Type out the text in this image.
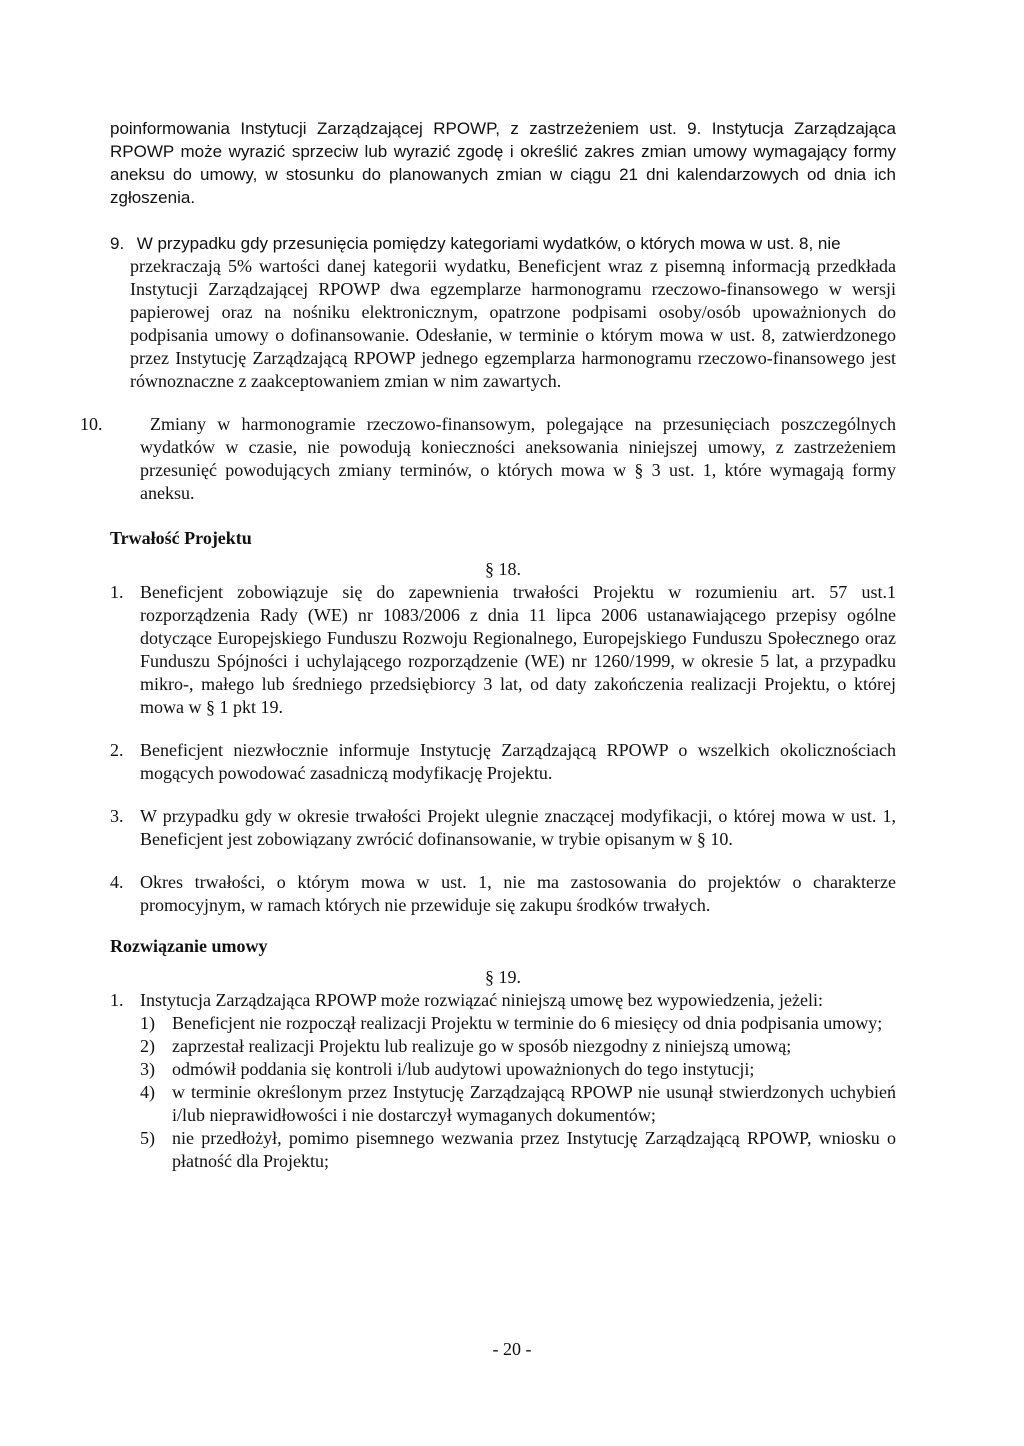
poinformowania Instytucji Zarządzającej RPOWP, z zastrzeżeniem ust. 9. Instytucja Zarządzająca RPOWP może wyrazić sprzeciw lub wyrazić zgodę i określić zakres zmian umowy wymagający formy aneksu do umowy, w stosunku do planowanych zmian w ciągu 21 dni kalendarzowych od dnia ich zgłoszenia.

9. W przypadku gdy przesunięcia pomiędzy kategoriami wydatków, o których mowa w ust. 8, nie

przekraczają 5% wartości danej kategorii wydatku, Beneficjent wraz z pisemną informacją przedkłada Instytucji Zarządzającej RPOWP dwa egzemplarze harmonogramu rzeczowo-finansowego w wersji papierowej oraz na nośniku elektronicznym, opatrzone podpisami osoby/osób upoważnionych do podpisania umowy o dofinansowanie. Odesłanie, w terminie o którym mowa w ust. 8, zatwierdzonego przez Instytucję Zarządzającą RPOWP jednego egzemplarza harmonogramu rzeczowo-finansowego jest równoznaczne z zaakceptowaniem zmian w nim zawartych.

10.	Zmiany w harmonogramie rzeczowo-finansowym, polegające na przesunięciach poszczególnych wydatków w czasie, nie powodują konieczności aneksowania niniejszej umowy, z zastrzeżeniem przesunięć powodujących zmiany terminów, o których mowa w § 3 ust. 1, które wymagają formy aneksu.

Trwałość Projektu

§ 18.

1. Beneficjent zobowiązuje się do zapewnienia trwałości Projektu w rozumieniu art. 57 ust.1 rozporządzenia Rady (WE) nr 1083/2006 z dnia 11 lipca 2006 ustanawiającego przepisy ogólne dotyczące Europejskiego Funduszu Rozwoju Regionalnego, Europejskiego Funduszu Społecznego oraz Funduszu Spójności i uchylającego rozporządzenie (WE) nr 1260/1999, w okresie 5 lat, a przypadku mikro-, małego lub średniego przedsiębiorcy 3 lat, od daty zakończenia realizacji Projektu, o której mowa w § 1 pkt 19.

2. Beneficjent niezwłocznie informuje Instytucję Zarządzającą RPOWP o wszelkich okolicznościach mogących powodować zasadniczą modyfikację Projektu.

3. W przypadku gdy w okresie trwałości Projekt ulegnie znaczącej modyfikacji, o której mowa w ust. 1, Beneficjent jest zobowiązany zwrócić dofinansowanie, w trybie opisanym w § 10.

4. Okres trwałości, o którym mowa w ust. 1, nie ma zastosowania do projektów o charakterze promocyjnym, w ramach których nie przewiduje się zakupu środków trwałych.

Rozwiązanie umowy

§ 19.

1. Instytucja Zarządzająca RPOWP może rozwiązać niniejszą umowę bez wypowiedzenia, jeżeli:

1) Beneficjent nie rozpoczął realizacji Projektu w terminie do 6 miesięcy od dnia podpisania umowy;
2) zaprzestał realizacji Projektu lub realizuje go w sposób niezgodny z niniejszą umową;
3) odmówił poddania się kontroli i/lub audytowi upoważnionych do tego instytucji;
4) w terminie określonym przez Instytucję Zarządzającą RPOWP nie usunął stwierdzonych uchybień i/lub nieprawidłowości i nie dostarczył wymaganych dokumentów;
5) nie przedłożył, pomimo pisemnego wezwania przez Instytucję Zarządzającą RPOWP, wniosku o płatność dla Projektu;
- 20 -
